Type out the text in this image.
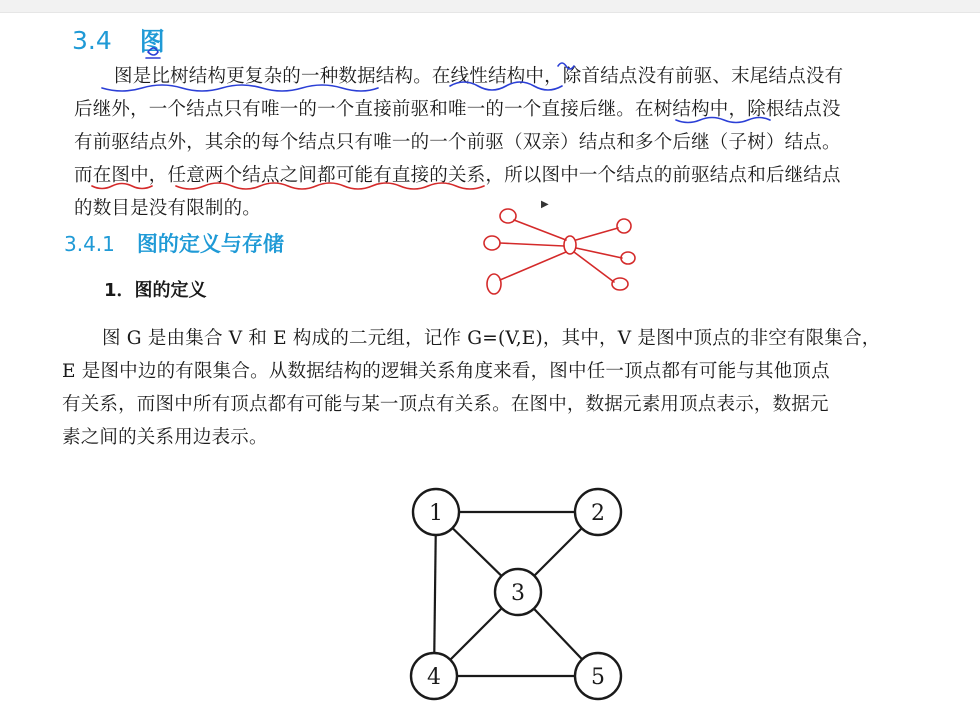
3.4 图
图是比树结构更复杂的一种数据结构。在线性结构中，除首结点没有前驱、末尾结点没有
后继外，一个结点只有唯一的一个直接前驱和唯一的一个直接后继。在树结构中，除根结点没
有前驱结点外，其余的每个结点只有唯一的一个前驱（双亲）结点和多个后继（子树）结点。
而在图中，任意两个结点之间都可能有直接的关系，所以图中一个结点的前驱结点和后继结点
的数目是没有限制的。
3.4.1 图的定义与存储
1．图的定义
图 G 是由集合 V 和 E 构成的二元组，记作 G=(V,E)，其中，V 是图中顶点的非空有限集合，
E 是图中边的有限集合。从数据结构的逻辑关系角度来看，图中任一顶点都有可能与其他顶点
有关系，而图中所有顶点都有可能与某一顶点有关系。在图中，数据元素用顶点表示，数据元
素之间的关系用边表示。
▶
1	2
3
4	5
